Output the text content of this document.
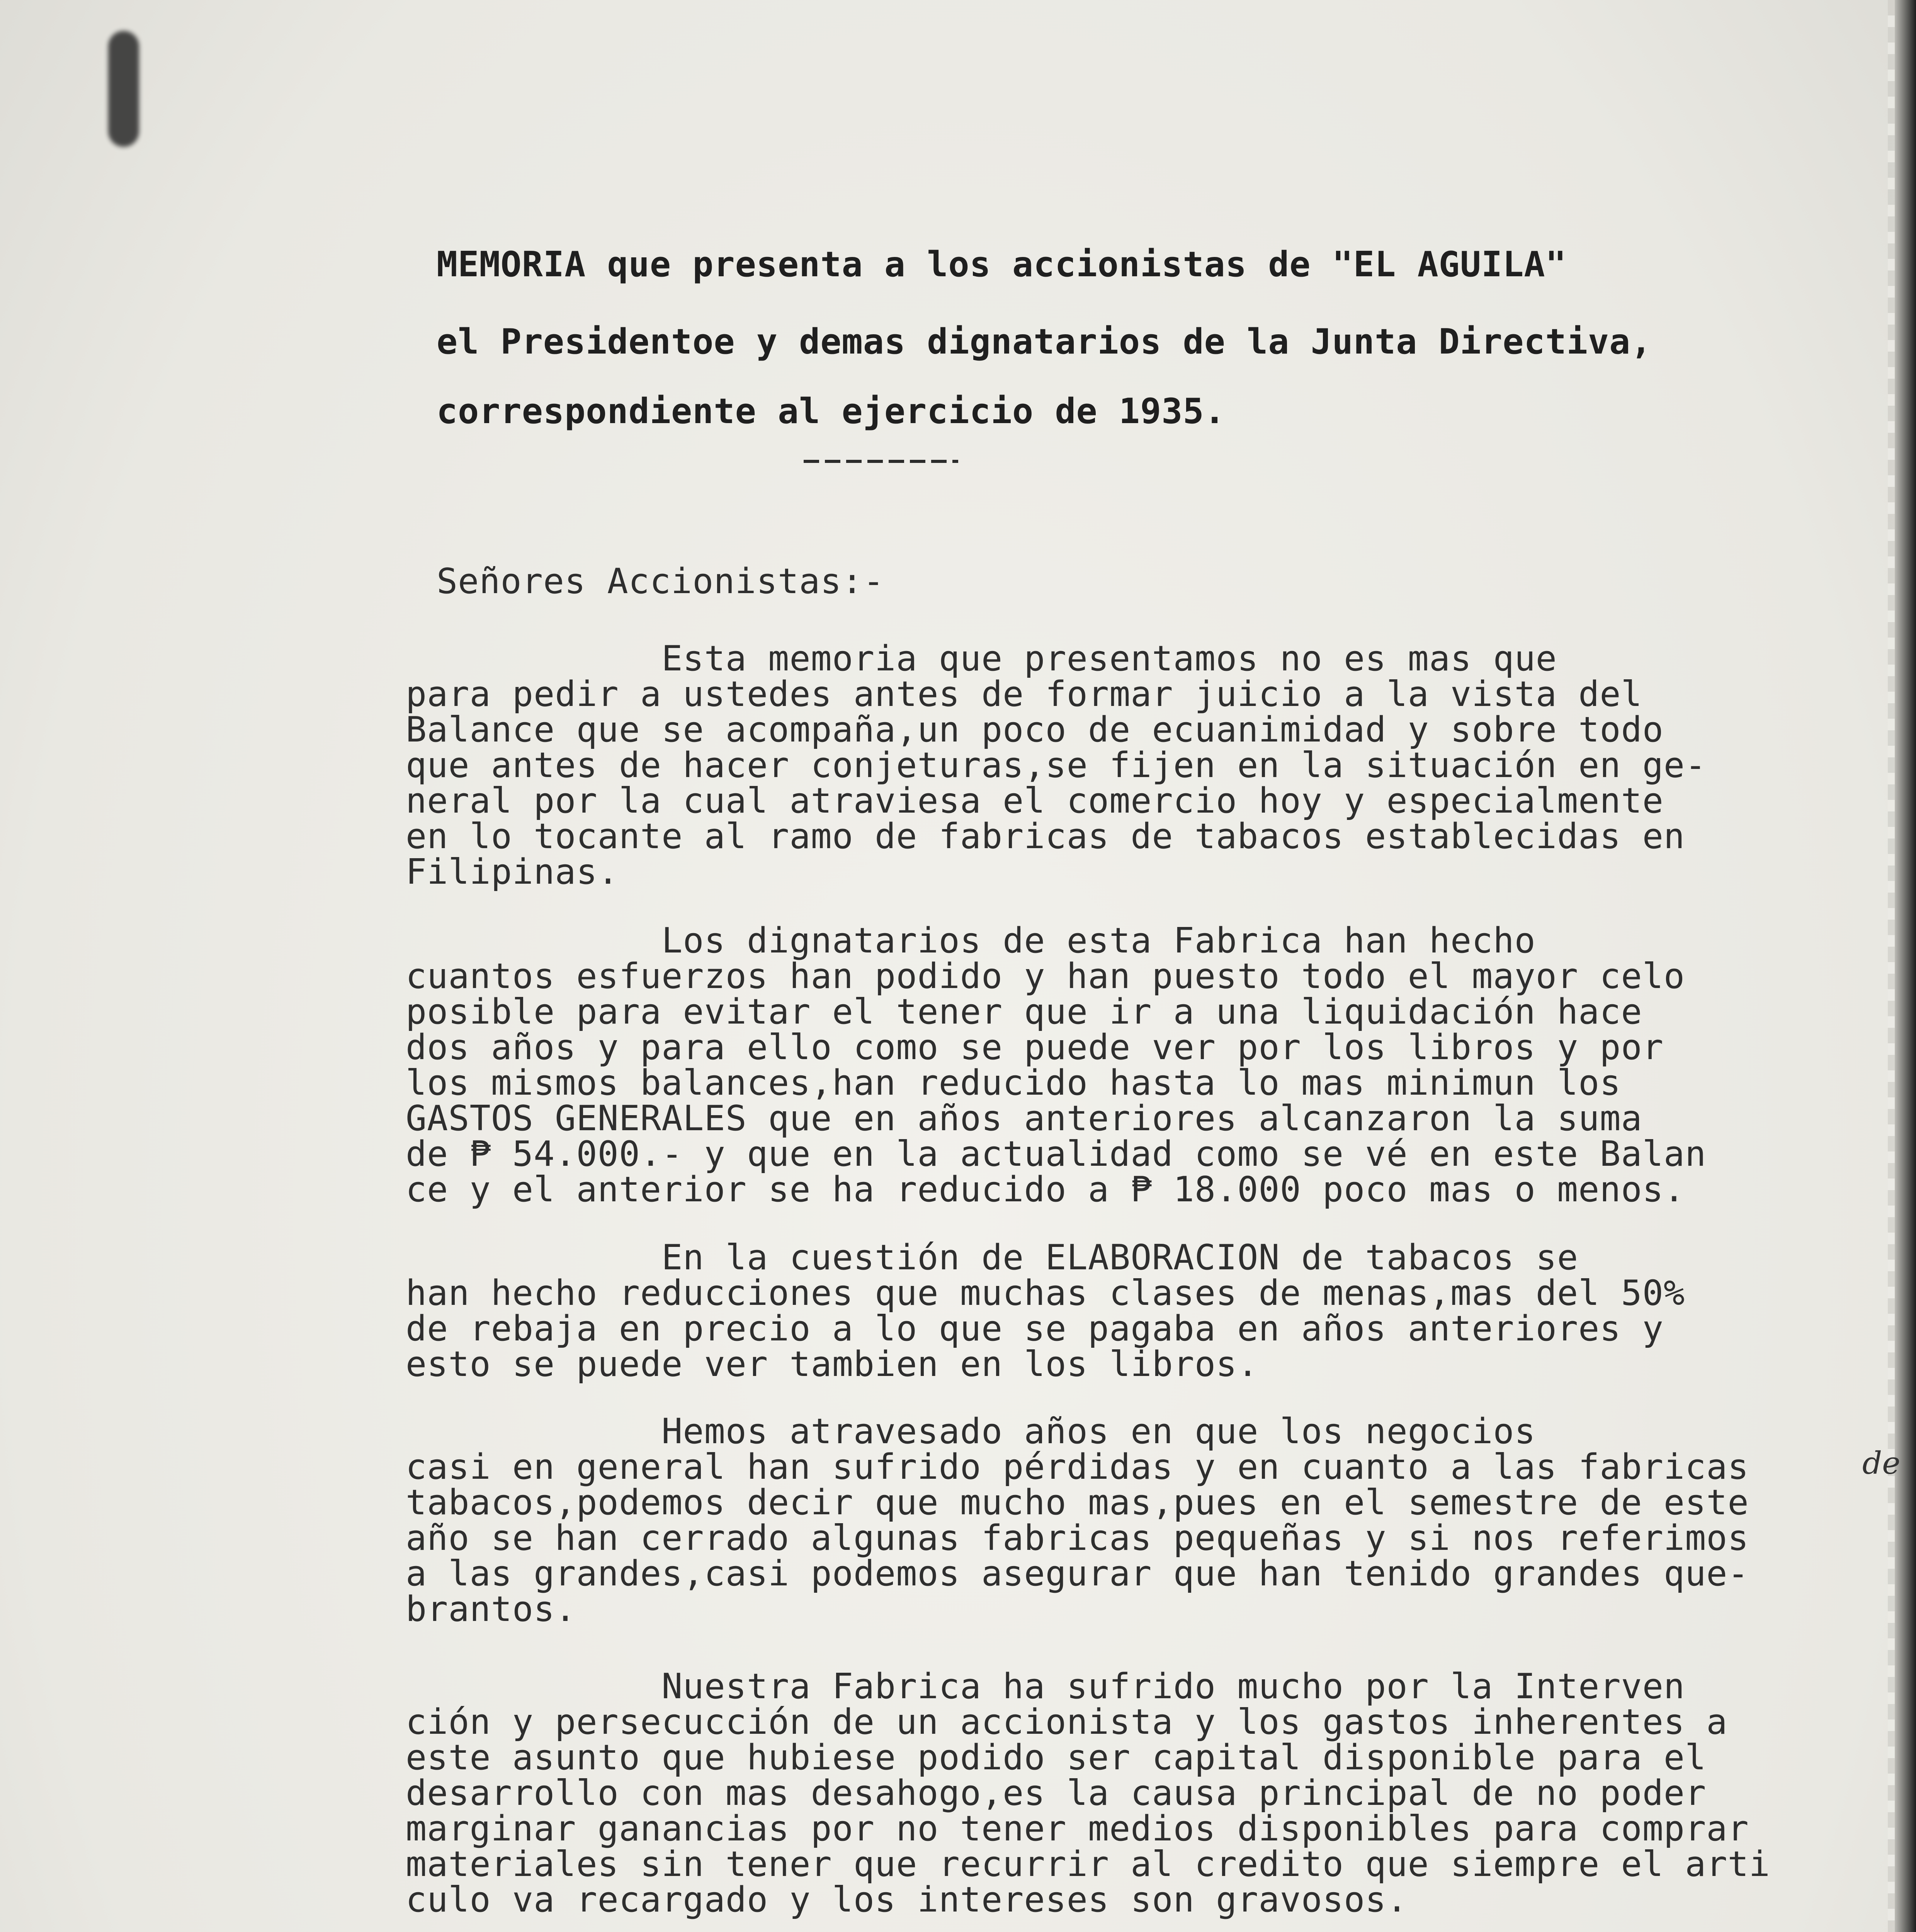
MEMORIA que presenta a los accionistas de "EL AGUILA"

el Presidentoe y demas dignatarios de la Junta Directiva,

correspondiente al ejercicio de 1935.

Señores Accionistas:-

Esta memoria que presentamos no es mas que

para pedir a ustedes antes de formar juicio a la vista del

Balance que se acompaña,un poco de ecuanimidad y sobre todo

que antes de hacer conjeturas,se fijen en la situación en ge-

neral por la cual atraviesa el comercio hoy y especialmente

en lo tocante al ramo de fabricas de tabacos establecidas en

Filipinas.

Los dignatarios de esta Fabrica han hecho

cuantos esfuerzos han podido y han puesto todo el mayor celo

posible para evitar el tener que ir a una liquidación hace

dos años y para ello como se puede ver por los libros y por

los mismos balances,han reducido hasta lo mas minimun los

GASTOS GENERALES que en años anteriores alcanzaron la suma

de ₱ 54.000.- y que en la actualidad como se vé en este Balan

ce y el anterior se ha reducido a ₱ 18.000 poco mas o menos.

En la cuestión de ELABORACION de tabacos se

han hecho reducciones que muchas clases de menas,mas del 50%

de rebaja en precio a lo que se pagaba en años anteriores y

esto se puede ver tambien en los libros.

Hemos atravesado años en que los negocios

casi en general han sufrido pérdidas y en cuanto a las fabricas

tabacos,podemos decir que mucho mas,pues en el semestre de este

año se han cerrado algunas fabricas pequeñas y si nos referimos

a las grandes,casi podemos asegurar que han tenido grandes que-

brantos.

Nuestra Fabrica ha sufrido mucho por la Interven

ción y persecucción de un accionista y los gastos inherentes a

este asunto que hubiese podido ser capital disponible para el

desarrollo con mas desahogo,es la causa principal de no poder

marginar ganancias por no tener medios disponibles para comprar

materiales sin tener que recurrir al credito que siempre el arti

culo va recargado y los intereses son gravosos.

de
